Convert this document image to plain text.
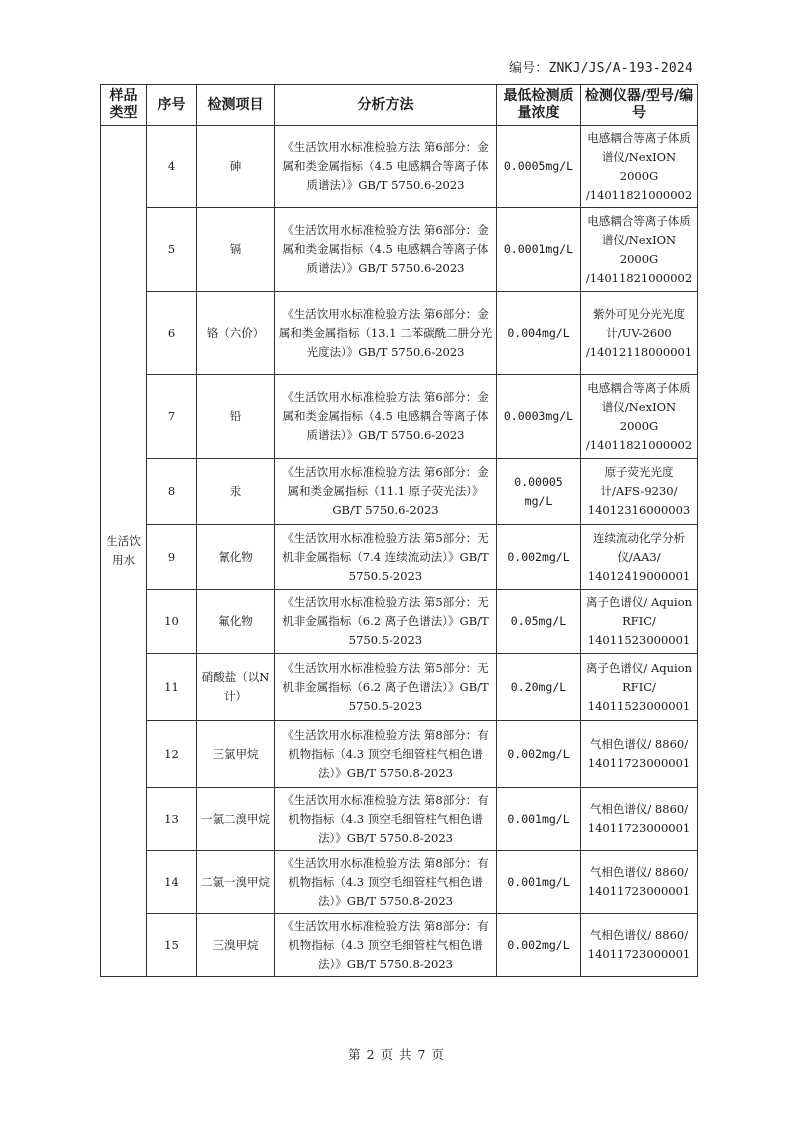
编号：ZNKJ/JS/A-193-2024
样品类型	序号	检测项目	分析方法	最低检测质量浓度	检测仪器/型号/编号
生活饮用水	4	砷	《生活饮用水标准检验方法 第6部分：金属和类金属指标（4.5 电感耦合等离子体质谱法）》GB/T 5750.6-2023	0.0005mg/L	电感耦合等离子体质谱仪/NexION 2000G /14011821000002
	5	镉	《生活饮用水标准检验方法 第6部分：金属和类金属指标（4.5 电感耦合等离子体质谱法）》GB/T 5750.6-2023	0.0001mg/L	电感耦合等离子体质谱仪/NexION 2000G /14011821000002
	6	铬（六价）	《生活饮用水标准检验方法 第6部分：金属和类金属指标（13.1 二苯碳酰二肼分光光度法）》GB/T 5750.6-2023	0.004mg/L	紫外可见分光光度计/UV-2600 /14012118000001
	7	铅	《生活饮用水标准检验方法 第6部分：金属和类金属指标（4.5 电感耦合等离子体质谱法）》GB/T 5750.6-2023	0.0003mg/L	电感耦合等离子体质谱仪/NexION 2000G /14011821000002
	8	汞	《生活饮用水标准检验方法 第6部分：金属和类金属指标（11.1 原子荧光法）》GB/T 5750.6-2023	0.00005 mg/L	原子荧光光度计/AFS-9230/ 14012316000003
	9	氰化物	《生活饮用水标准检验方法 第5部分：无机非金属指标（7.4 连续流动法）》GB/T 5750.5-2023	0.002mg/L	连续流动化学分析仪/AA3/ 14012419000001
	10	氟化物	《生活饮用水标准检验方法 第5部分：无机非金属指标（6.2 离子色谱法）》GB/T 5750.5-2023	0.05mg/L	离子色谱仪/ Aquion RFIC/ 14011523000001
	11	硝酸盐（以N计）	《生活饮用水标准检验方法 第5部分：无机非金属指标（6.2 离子色谱法）》GB/T 5750.5-2023	0.20mg/L	离子色谱仪/ Aquion RFIC/ 14011523000001
	12	三氯甲烷	《生活饮用水标准检验方法 第8部分：有机物指标（4.3 顶空毛细管柱气相色谱法）》GB/T 5750.8-2023	0.002mg/L	气相色谱仪/ 8860/ 14011723000001
	13	一氯二溴甲烷	《生活饮用水标准检验方法 第8部分：有机物指标（4.3 顶空毛细管柱气相色谱法）》GB/T 5750.8-2023	0.001mg/L	气相色谱仪/ 8860/ 14011723000001
	14	二氯一溴甲烷	《生活饮用水标准检验方法 第8部分：有机物指标（4.3 顶空毛细管柱气相色谱法）》GB/T 5750.8-2023	0.001mg/L	气相色谱仪/ 8860/ 14011723000001
	15	三溴甲烷	《生活饮用水标准检验方法 第8部分：有机物指标（4.3 顶空毛细管柱气相色谱法）》GB/T 5750.8-2023	0.002mg/L	气相色谱仪/ 8860/ 14011723000001
第 2 页 共 7 页
